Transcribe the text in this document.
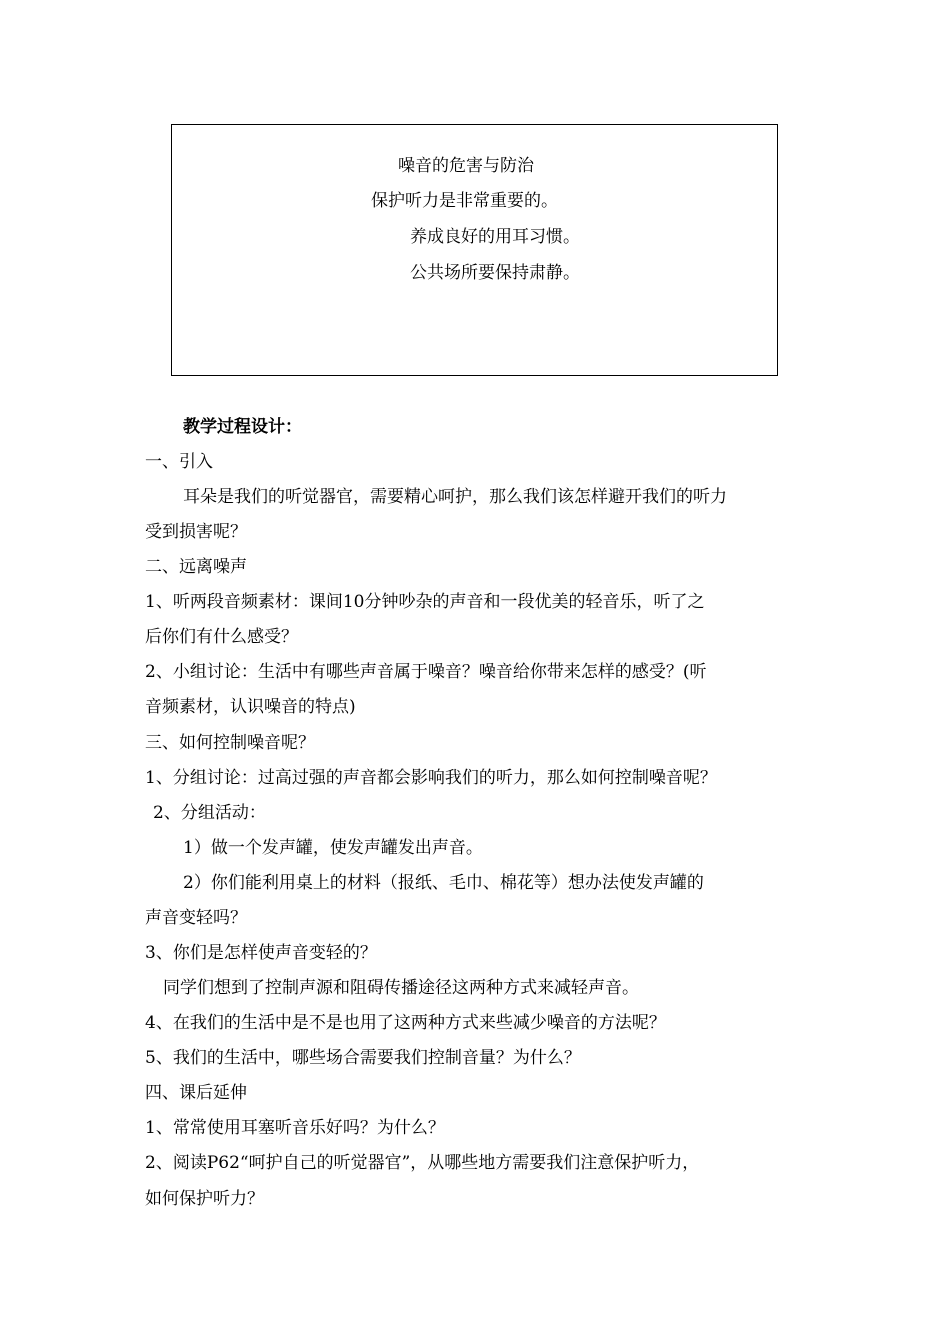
噪音的危害与防治
保护听力是非常重要的。
养成良好的用耳习惯。
公共场所要保持肃静。
教学过程设计：
一、引入
耳朵是我们的听觉器官，需要精心呵护，那么我们该怎样避开我们的听力
受到损害呢？
二、远离噪声
1、听两段音频素材：课间10分钟吵杂的声音和一段优美的轻音乐，听了之
后你们有什么感受？
2、小组讨论：生活中有哪些声音属于噪音？噪音给你带来怎样的感受？(听
音频素材，认识噪音的特点)
三、如何控制噪音呢？
1、分组讨论：过高过强的声音都会影响我们的听力，那么如何控制噪音呢？
2、分组活动：
1）做一个发声罐，使发声罐发出声音。
2）你们能利用桌上的材料（报纸、毛巾、棉花等）想办法使发声罐的
声音变轻吗？
3、你们是怎样使声音变轻的？
同学们想到了控制声源和阻碍传播途径这两种方式来减轻声音。
4、在我们的生活中是不是也用了这两种方式来些减少噪音的方法呢？
5、我们的生活中，哪些场合需要我们控制音量？为什么？
四、课后延伸
1、常常使用耳塞听音乐好吗？为什么？
2、阅读P62“呵护自己的听觉器官”，从哪些地方需要我们注意保护听力，
如何保护听力？
